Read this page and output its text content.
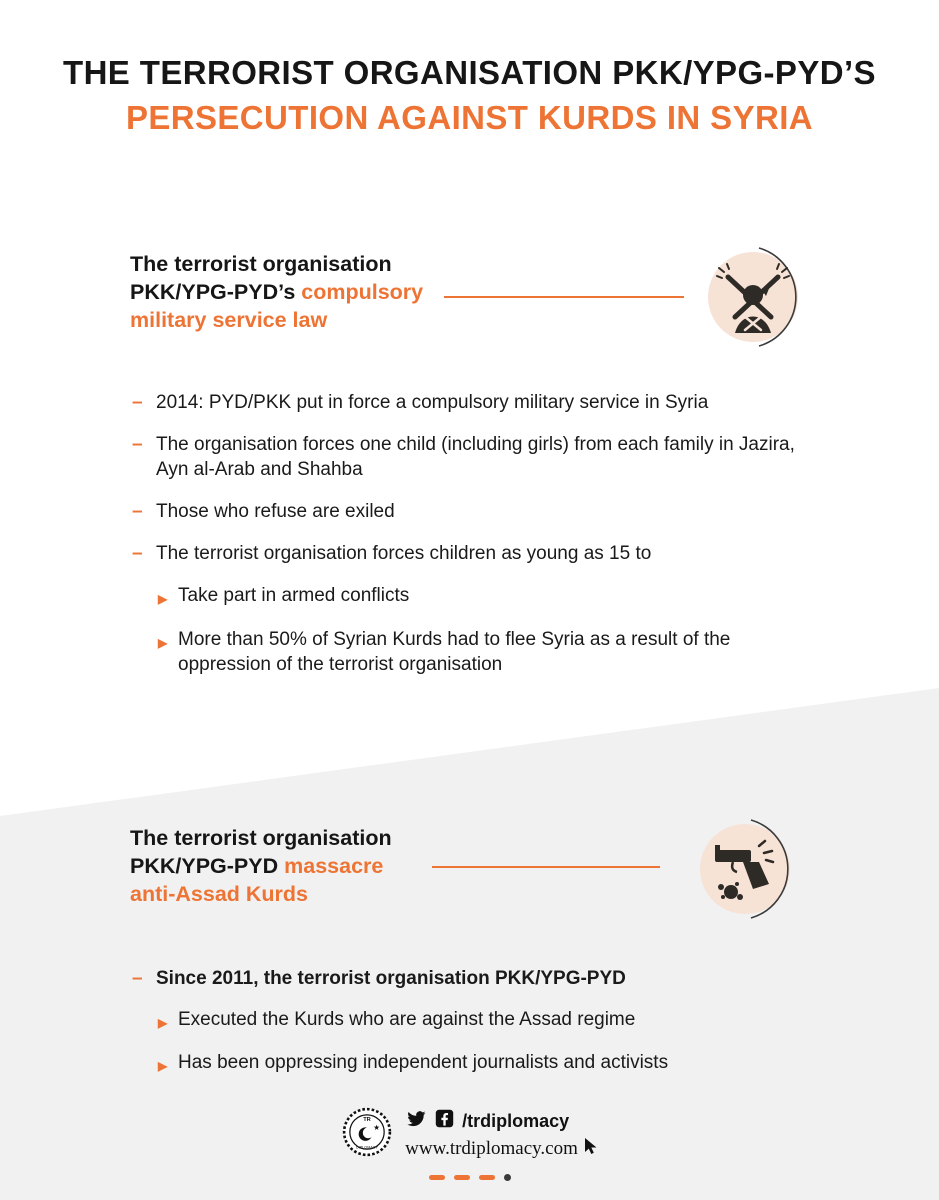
THE TERRORIST ORGANISATION PKK/YPG-PYD’S
PERSECUTION AGAINST KURDS IN SYRIA
The terrorist organisation
PKK/YPG-PYD’s compulsory
military service law
–

2014: PYD/PKK put in force a compulsory military service in Syria

–

The organisation forces one child (including girls) from each family in Jazira, Ayn al-Arab and Shahba

–

Those who refuse are exiled

–

The terrorist organisation forces children as young as 15 to

▶

Take part in armed conflicts

▶

More than 50% of Syrian Kurds had to flee Syria as a result of the oppression of the terrorist organisation

The terrorist organisation
PKK/YPG-PYD massacre
anti-Assad Kurds
–

Since 2011, the terrorist organisation PKK/YPG-PYD

▶

Executed the Kurds who are against the Assad regime

▶

Has been oppressing independent journalists and activists

TR
★
DIPLOMACY
/trdiplomacy
www.trdiplomacy.com
